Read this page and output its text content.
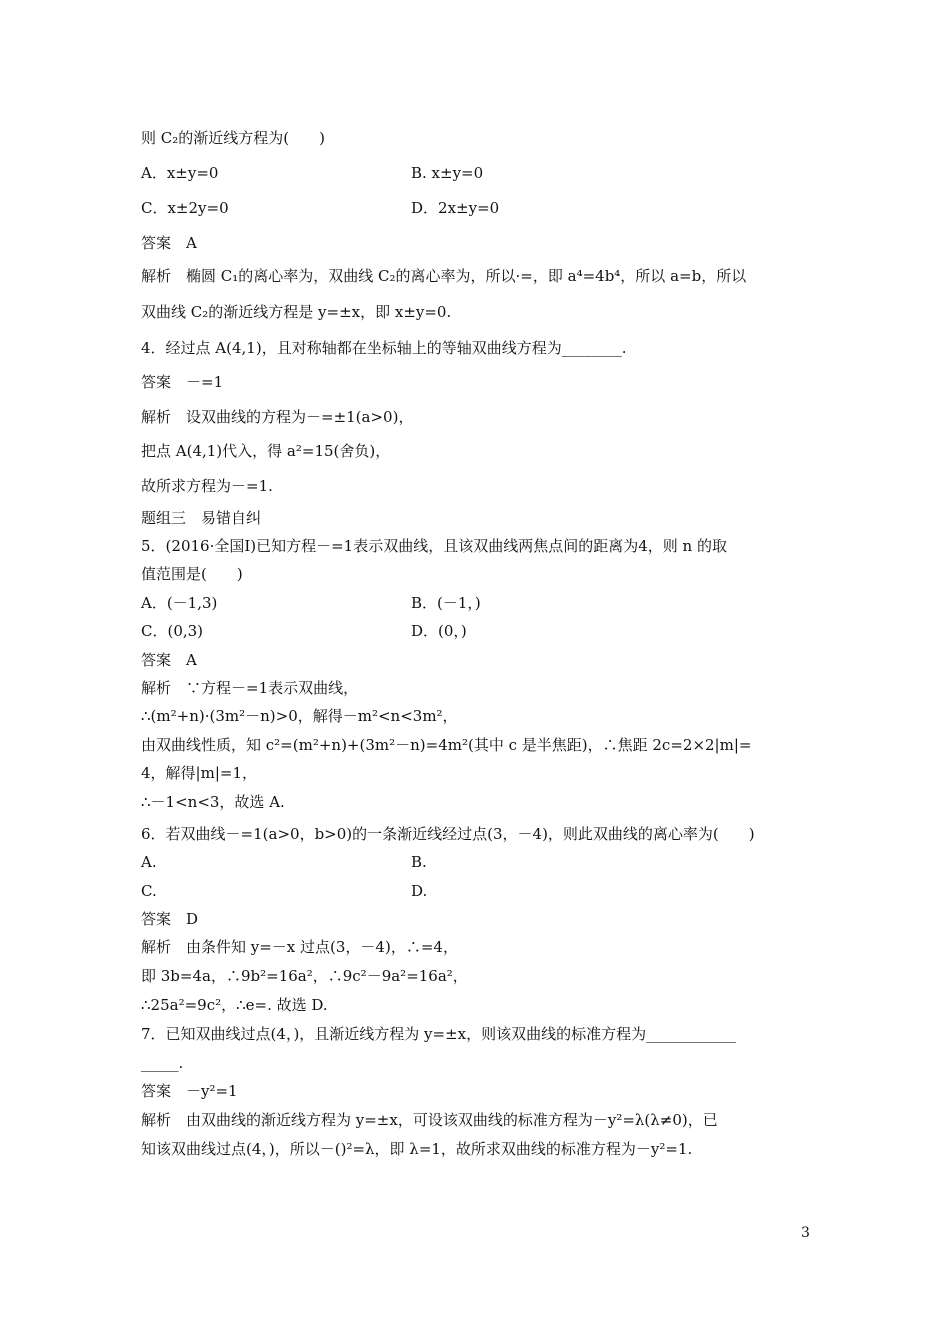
则 C₂的渐近线方程为(　　)
A．x±y=0	B. x±y=0
C．x±2y=0	D．2x±y=0
答案　A
解析　椭圆 C₁的离心率为，双曲线 C₂的离心率为，所以·=，即 a⁴=4b⁴，所以 a=b，所以
双曲线 C₂的渐近线方程是 y=±x，即 x±y=0.
4．经过点 A(4,1)，且对称轴都在坐标轴上的等轴双曲线方程为________.
答案　－=1
解析　设双曲线的方程为－=±1(a>0)，
把点 A(4,1)代入，得 a²=15(舍负)，
故所求方程为－=1.
题组三　易错自纠
5．(2016·全国Ⅰ)已知方程－=1表示双曲线，且该双曲线两焦点间的距离为4，则 n 的取
值范围是(　　)
A．(－1,3)	B．(－1，)
C．(0,3)	D．(0，)
答案　A
解析　∵方程－=1表示双曲线，
∴(m²+n)·(3m²－n)>0，解得－m²<n<3m²，
由双曲线性质，知 c²=(m²+n)+(3m²－n)=4m²(其中 c 是半焦距)，∴焦距 2c=2×2|m|=
4，解得|m|=1，
∴－1<n<3，故选 A.
6．若双曲线－=1(a>0，b>0)的一条渐近线经过点(3，－4)，则此双曲线的离心率为(　　)
A.	B.
C.	D.
答案　D
解析　由条件知 y=－x 过点(3，－4)，∴=4，
即 3b=4a，∴9b²=16a²，∴9c²－9a²=16a²，
∴25a²=9c²，∴e=. 故选 D.
7．已知双曲线过点(4，)，且渐近线方程为 y=±x，则该双曲线的标准方程为____________
_____.
答案　－y²=1
解析　由双曲线的渐近线方程为 y=±x，可设该双曲线的标准方程为－y²=λ(λ≠0)，已
知该双曲线过点(4，)，所以－()²=λ，即 λ=1，故所求双曲线的标准方程为－y²=1.
3
